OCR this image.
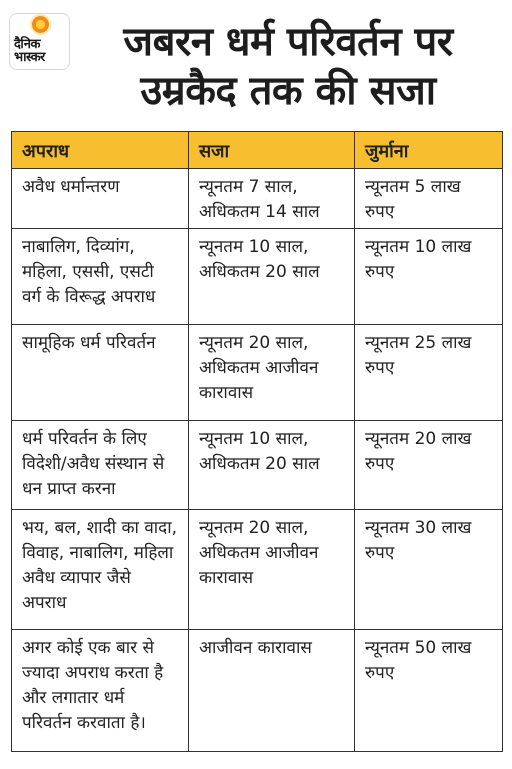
दैनिक
भास्कर	जबरन धर्म परिवर्तन पर
उम्रकैद तक की सजा
अपराध	सजा	जुर्माना
अवैध धर्मान्तरण	न्यूनतम 7 साल, अधिकतम 14 साल	न्यूनतम 5 लाख रुपए
नाबालिग, दिव्यांग, महिला, एससी, एसटी वर्ग के विरूद्ध अपराध	न्यूनतम 10 साल, अधिकतम 20 साल	न्यूनतम 10 लाख रुपए
सामूहिक धर्म परिवर्तन	न्यूनतम 20 साल, अधिकतम आजीवन कारावास	न्यूनतम 25 लाख रुपए
धर्म परिवर्तन के लिए विदेशी/अवैध संस्थान से धन प्राप्त करना	न्यूनतम 10 साल, अधिकतम 20 साल	न्यूनतम 20 लाख रुपए
भय, बल, शादी का वादा, विवाह, नाबालिग, महिला अवैध व्यापार जैसे अपराध	न्यूनतम 20 साल, अधिकतम आजीवन कारावास	न्यूनतम 30 लाख रुपए
अगर कोई एक बार से ज्यादा अपराध करता है और लगातार धर्म परिवर्तन करवाता है।	आजीवन कारावास	न्यूनतम 50 लाख रुपए
